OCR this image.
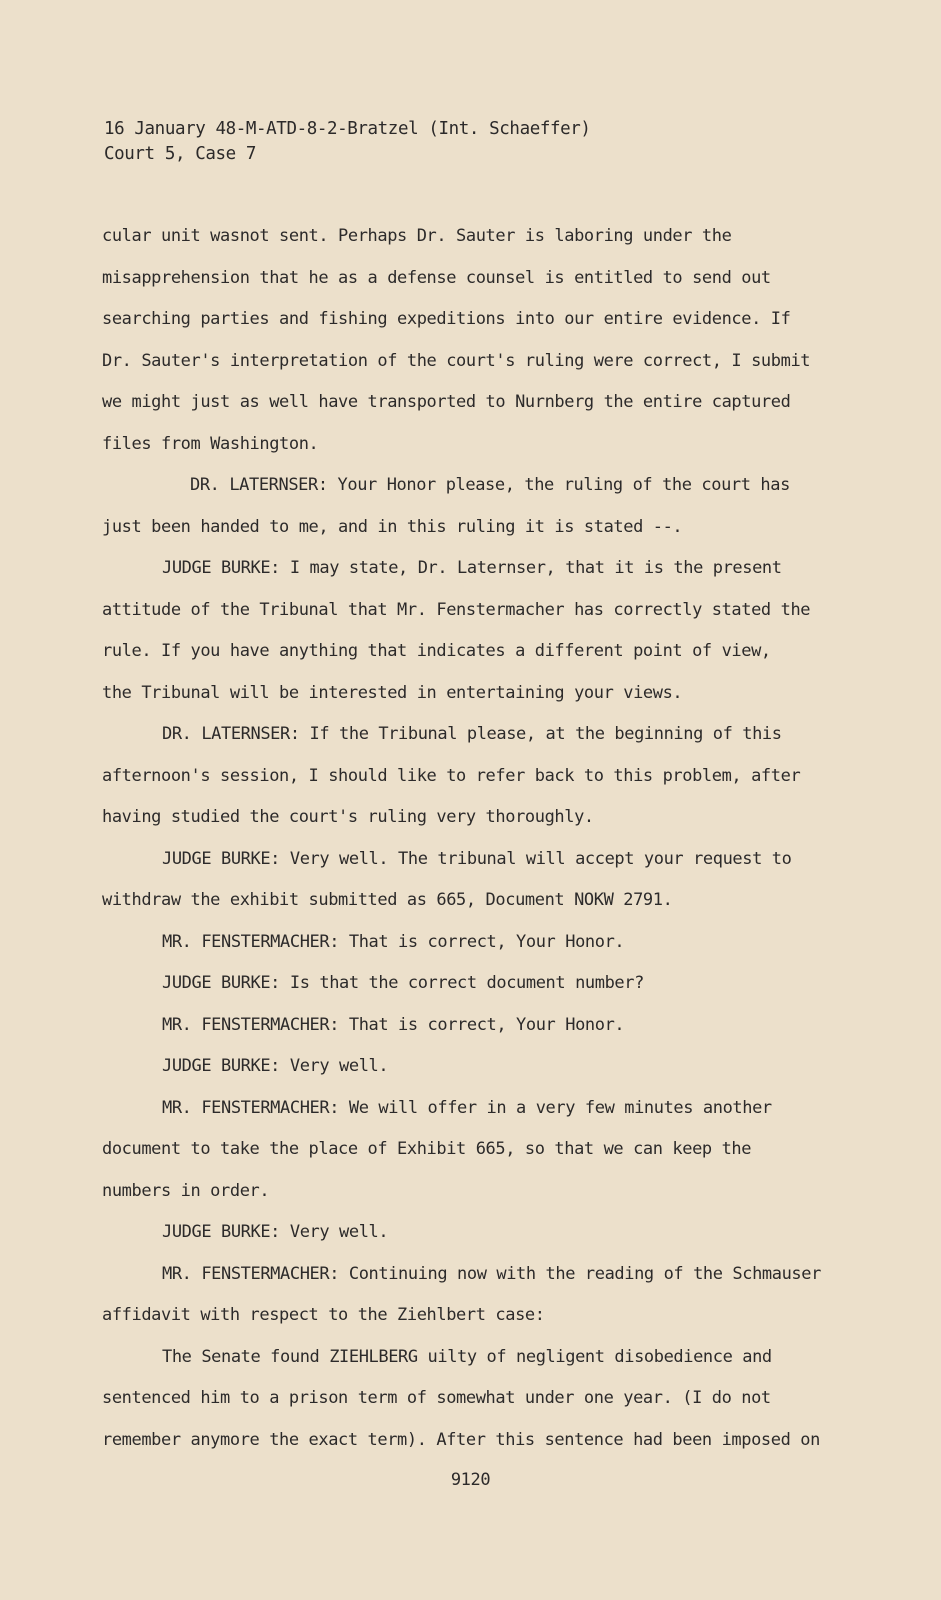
16 January 48-M-ATD-8-2-Bratzel (Int. Schaeffer)
Court 5, Case 7

cular unit wasnot sent. Perhaps Dr. Sauter is laboring under the

misapprehension that he as a defense counsel is entitled to send out

searching parties and fishing expeditions into our entire evidence. If

Dr. Sauter's interpretation of the court's ruling were correct, I submit

we might just as well have transported to Nurnberg the entire captured

files from Washington.

DR. LATERNSER: Your Honor please, the ruling of the court has

just been handed to me, and in this ruling it is stated --.

JUDGE BURKE: I may state, Dr. Laternser, that it is the present

attitude of the Tribunal that Mr. Fenstermacher has correctly stated the

rule. If you have anything that indicates a different point of view,

the Tribunal will be interested in entertaining your views.

DR. LATERNSER: If the Tribunal please, at the beginning of this

afternoon's session, I should like to refer back to this problem, after

having studied the court's ruling very thoroughly.

JUDGE BURKE: Very well. The tribunal will accept your request to

withdraw the exhibit submitted as 665, Document NOKW 2791.

MR. FENSTERMACHER: That is correct, Your Honor.

JUDGE BURKE: Is that the correct document number?

MR. FENSTERMACHER: That is correct, Your Honor.

JUDGE BURKE: Very well.

MR. FENSTERMACHER: We will offer in a very few minutes another

document to take the place of Exhibit 665, so that we can keep the

numbers in order.

JUDGE BURKE: Very well.

MR. FENSTERMACHER: Continuing now with the reading of the Schmauser

affidavit with respect to the Ziehlbert case:

The Senate found ZIEHLBERG uilty of negligent disobedience and

sentenced him to a prison term of somewhat under one year. (I do not

remember anymore the exact term). After this sentence had been imposed on

9120
